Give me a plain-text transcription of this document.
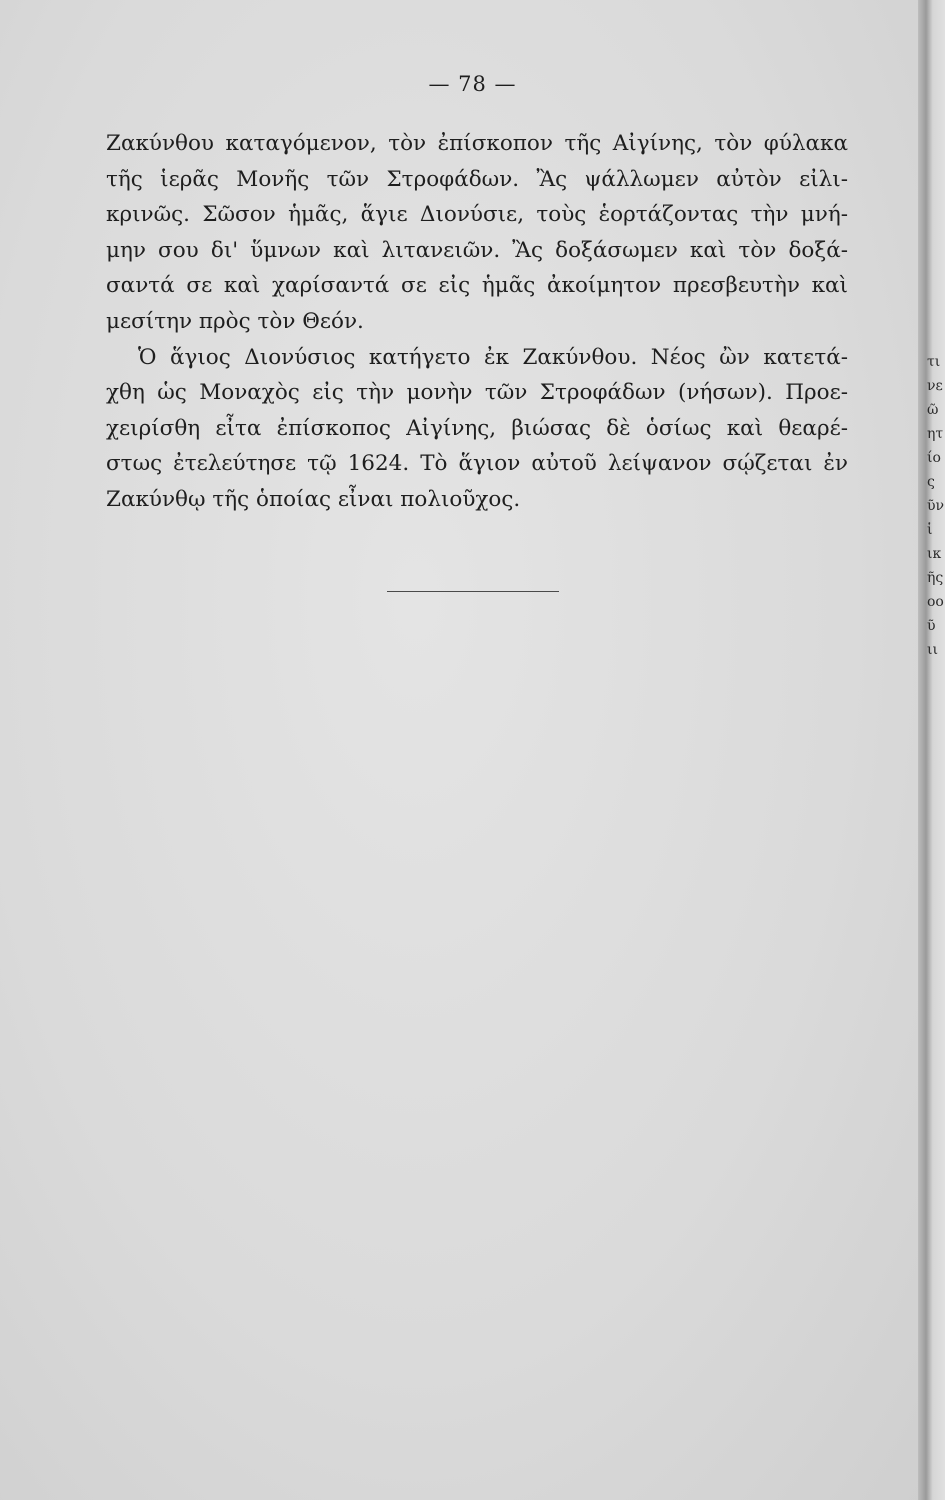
τι
νε
ῶ
ητ
ίο
ς
ῦν
ἱ
ικ
ῆς
οο
ῦ
ιι
— 78 —
Ζακύνθου καταγόμενον, τὸν ἐπίσκοπον τῆς Αἰγίνης, τὸν φύλακα
τῆς ἱερᾶς Μονῆς τῶν Στροφάδων. Ἂς ψάλλωμεν αὐτὸν εἰλι-
κρινῶς. Σῶσον ἡμᾶς, ἅγιε Διονύσιε, τοὺς ἑορτάζοντας τὴν μνή-
μην σου δι' ὕμνων καὶ λιτανειῶν. Ἂς δοξάσωμεν καὶ τὸν δοξά-
σαντά σε καὶ χαρίσαντά σε εἰς ἡμᾶς ἀκοίμητον πρεσβευτὴν καὶ
μεσίτην πρὸς τὸν Θεόν.
Ὁ ἅγιος Διονύσιος κατήγετο ἐκ Ζακύνθου. Νέος ὢν κατετά-
χθη ὡς Μοναχὸς εἰς τὴν μονὴν τῶν Στροφάδων (νήσων). Προε-
χειρίσθη εἶτα ἐπίσκοπος Αἰγίνης, βιώσας δὲ ὁσίως καὶ θεαρέ-
στως ἐτελεύτησε τῷ 1624. Τὸ ἅγιον αὐτοῦ λείψανον σῴζεται ἐν
Ζακύνθῳ τῆς ὁποίας εἶναι πολιοῦχος.
